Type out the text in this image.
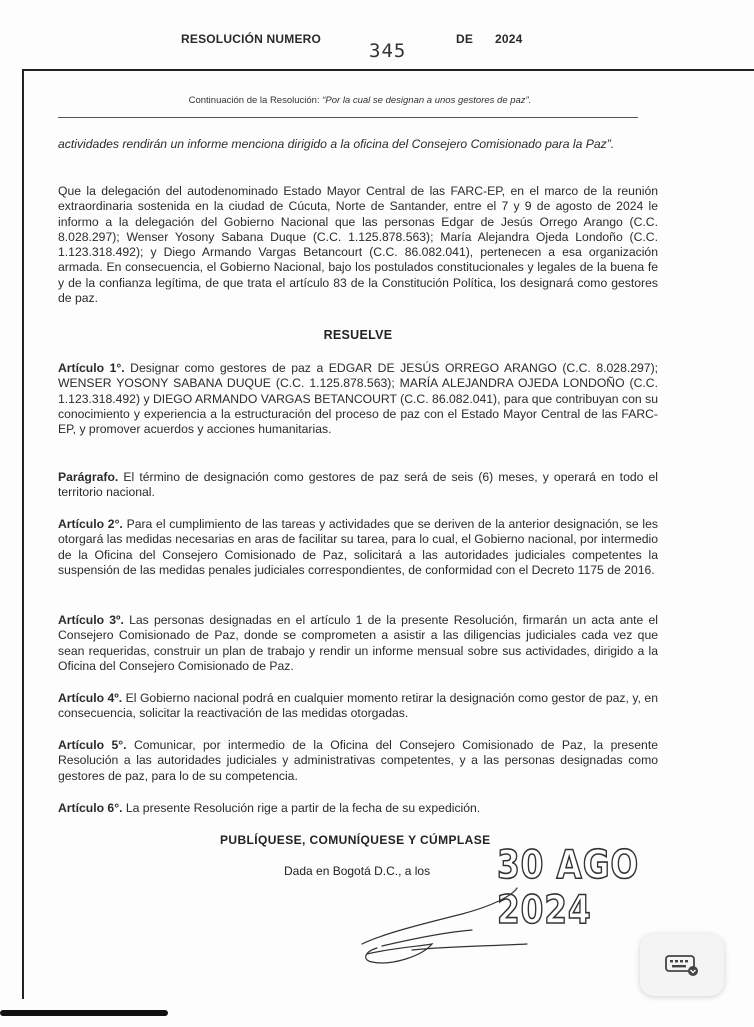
RESOLUCIÓN NUMERO
345
DE 2024
Continuación de la Resolución: “Por la cual se designan a unos gestores de paz”.

actividades rendirán un informe menciona dirigido a la oficina del Consejero Comisionado para la Paz”.

Que la delegación del autodenominado Estado Mayor Central de las FARC-EP, en el marco de la reunión extraordinaria sostenida en la ciudad de Cúcuta, Norte de Santander, entre el 7 y 9 de agosto de 2024 le informo a la delegación del Gobierno Nacional que las personas Edgar de Jesús Orrego Arango (C.C. 8.028.297); Wenser Yosony Sabana Duque (C.C. 1.125.878.563); María Alejandra Ojeda Londoño (C.C. 1.123.318.492); y Diego Armando Vargas Betancourt (C.C. 86.082.041), pertenecen a esa organización armada. En consecuencia, el Gobierno Nacional, bajo los postulados constitucionales y legales de la buena fe y de la confianza legítima, de que trata el artículo 83 de la Constitución Política, los designará como gestores de paz.

RESUELVE

Artículo 1°. Designar como gestores de paz a EDGAR DE JESÚS ORREGO ARANGO (C.C. 8.028.297); WENSER YOSONY SABANA DUQUE (C.C. 1.125.878.563); MARÍA ALEJANDRA OJEDA LONDOÑO (C.C. 1.123.318.492) y DIEGO ARMANDO VARGAS BETANCOURT (C.C. 86.082.041), para que contribuyan con su conocimiento y experiencia a la estructuración del proceso de paz con el Estado Mayor Central de las FARC-EP, y promover acuerdos y acciones humanitarias.

Parágrafo. El término de designación como gestores de paz será de seis (6) meses, y operará en todo el territorio nacional.

Artículo 2°. Para el cumplimiento de las tareas y actividades que se deriven de la anterior designación, se les otorgará las medidas necesarias en aras de facilitar su tarea, para lo cual, el Gobierno nacional, por intermedio de la Oficina del Consejero Comisionado de Paz, solicitará a las autoridades judiciales competentes la suspensión de las medidas penales judiciales correspondientes, de conformidad con el Decreto 1175 de 2016.

Artículo 3º. Las personas designadas en el artículo 1 de la presente Resolución, firmarán un acta ante el Consejero Comisionado de Paz, donde se comprometen a asistir a las diligencias judiciales cada vez que sean requeridas, construir un plan de trabajo y rendir un informe mensual sobre sus actividades, dirigido a la Oficina del Consejero Comisionado de Paz.

Artículo 4º. El Gobierno nacional podrá en cualquier momento retirar la designación como gestor de paz, y, en consecuencia, solicitar la reactivación de las medidas otorgadas.

Artículo 5°. Comunicar, por intermedio de la Oficina del Consejero Comisionado de Paz, la presente Resolución a las autoridades judiciales y administrativas competentes, y a las personas designadas como gestores de paz, para lo de su competencia.

Artículo 6°. La presente Resolución rige a partir de la fecha de su expedición.

PUBLÍQUESE, COMUNÍQUESE Y CÚMPLASE
Dada en Bogotá D.C., a los 30 AGO 2024
